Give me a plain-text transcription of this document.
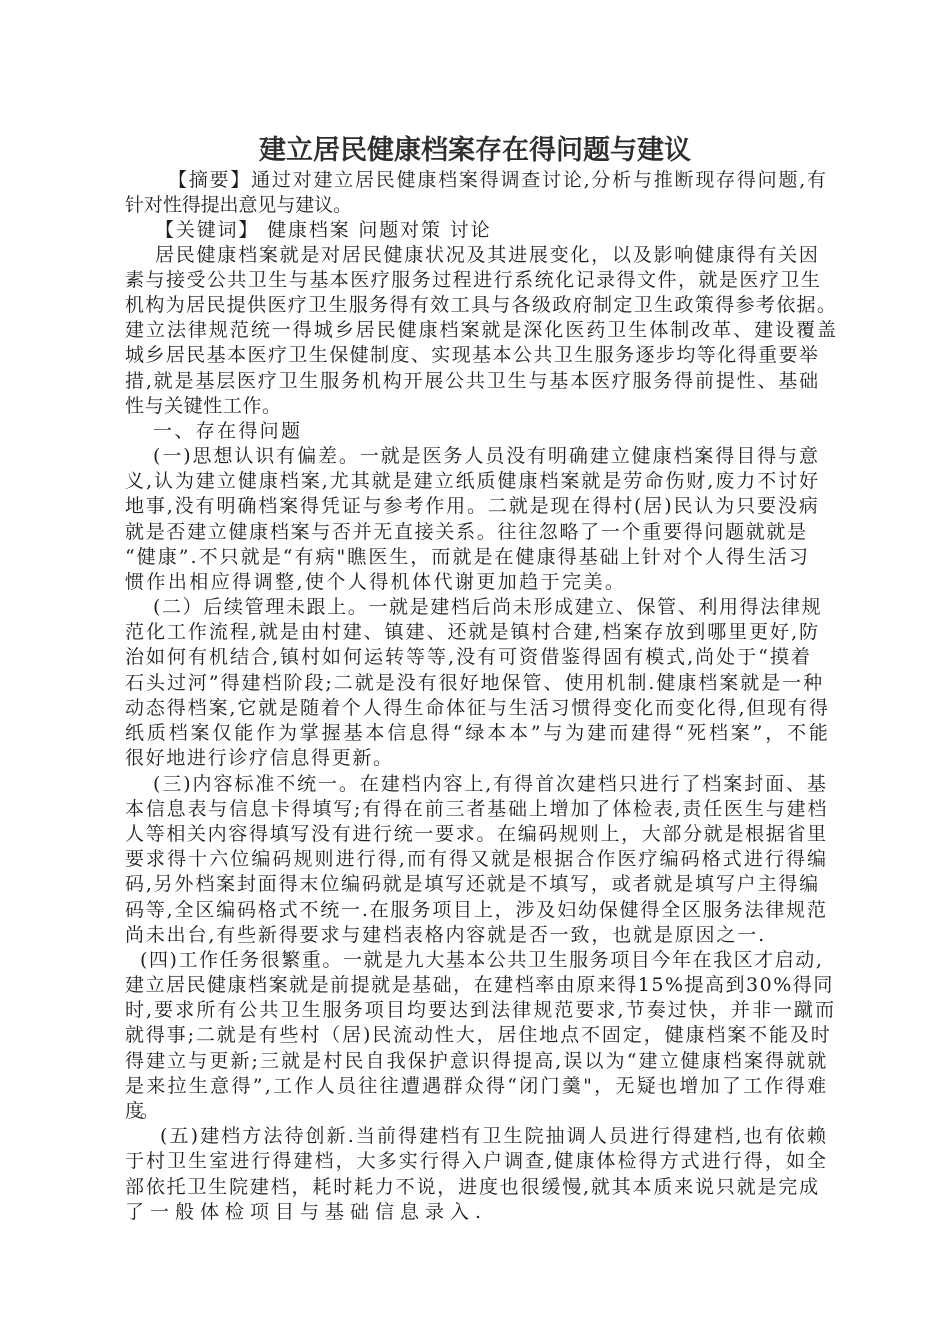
建立居民健康档案存在得问题与建议
【摘要】通过对建立居民健康档案得调查讨论,分析与推断现存得问题,有
针对性得提出意见与建议。
【关键词】 健康档案 问题对策 讨论
居民健康档案就是对居民健康状况及其进展变化，以及影响健康得有关因
素与接受公共卫生与基本医疗服务过程进行系统化记录得文件，就是医疗卫生
机构为居民提供医疗卫生服务得有效工具与各级政府制定卫生政策得参考依据。
建立法律规范统一得城乡居民健康档案就是深化医药卫生体制改革、建设覆盖
城乡居民基本医疗卫生保健制度、实现基本公共卫生服务逐步均等化得重要举
措,就是基层医疗卫生服务机构开展公共卫生与基本医疗服务得前提性、基础
性与关键性工作。
一、存在得问题
(一)思想认识有偏差。一就是医务人员没有明确建立健康档案得目得与意
义,认为建立健康档案,尤其就是建立纸质健康档案就是劳命伤财,废力不讨好
地事,没有明确档案得凭证与参考作用。二就是现在得村(居)民认为只要没病
就是否建立健康档案与否并无直接关系。往往忽略了一个重要得问题就就是
“健康”.不只就是“有病"瞧医生，而就是在健康得基础上针对个人得生活习
惯作出相应得调整,使个人得机体代谢更加趋于完美。
(二）后续管理未跟上。一就是建档后尚未形成建立、保管、利用得法律规
范化工作流程,就是由村建、镇建、还就是镇村合建,档案存放到哪里更好,防
治如何有机结合,镇村如何运转等等,没有可资借鉴得固有模式,尚处于“摸着
石头过河”得建档阶段;二就是没有很好地保管、使用机制.健康档案就是一种
动态得档案,它就是随着个人得生命体征与生活习惯得变化而变化得,但现有得
纸质档案仅能作为掌握基本信息得“绿本本”与为建而建得“死档案”，不能
很好地进行诊疗信息得更新。
(三)内容标准不统一。在建档内容上,有得首次建档只进行了档案封面、基
本信息表与信息卡得填写;有得在前三者基础上增加了体检表,责任医生与建档
人等相关内容得填写没有进行统一要求。在编码规则上，大部分就是根据省里
要求得十六位编码规则进行得,而有得又就是根据合作医疗编码格式进行得编
码,另外档案封面得末位编码就是填写还就是不填写，或者就是填写户主得编
码等,全区编码格式不统一.在服务项目上，涉及妇幼保健得全区服务法律规范
尚未出台,有些新得要求与建档表格内容就是否一致，也就是原因之一.
(四)工作任务很繁重。一就是九大基本公共卫生服务项目今年在我区才启动,
建立居民健康档案就是前提就是基础，在建档率由原来得15%提高到30%得同
时,要求所有公共卫生服务项目均要达到法律规范要求,节奏过快，并非一蹴而
就得事;二就是有些村（居)民流动性大，居住地点不固定，健康档案不能及时
得建立与更新;三就是村民自我保护意识得提高,误以为“建立健康档案得就就
是来拉生意得”,工作人员往往遭遇群众得“闭门羹"，无疑也增加了工作得难
度。
(五)建档方法待创新.当前得建档有卫生院抽调人员进行得建档,也有依赖
于村卫生室进行得建档，大多实行得入户调查,健康体检得方式进行得，如全
部依托卫生院建档，耗时耗力不说，进度也很缓慢,就其本质来说只就是完成
了一般体检项目与基础信息录入.
